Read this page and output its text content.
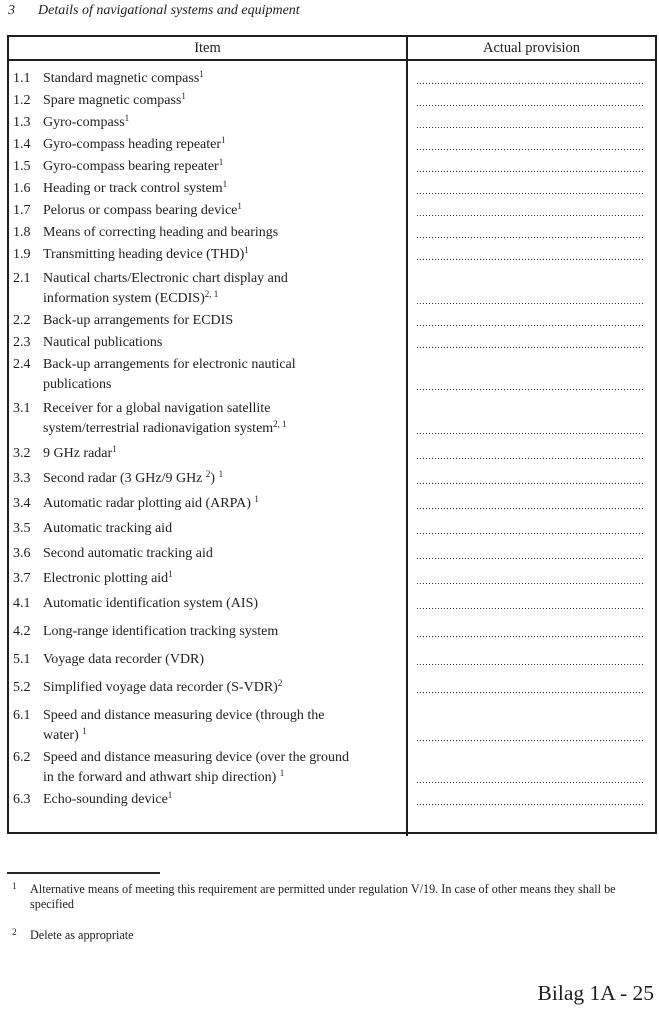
3	Details of navigational systems and equipment
Item	Actual provision
1.1 Standard magnetic compass$^1$
1.2 Spare magnetic compass$^1$
1.3 Gyro-compass$^1$
1.4 Gyro-compass heading repeater$^1$
1.5 Gyro-compass bearing repeater$^1$
1.6 Heading or track control system$^1$
1.7 Pelorus or compass bearing device$^1$
1.8 Means of correcting heading and bearings
1.9 Transmitting heading device (THD)$^1$
2.1 Nautical charts/Electronic chart display and
information system (ECDIS)$^{2, 1}$
2.2 Back-up arrangements for ECDIS
2.3 Nautical publications
2.4 Back-up arrangements for electronic nautical
publications
3.1 Receiver for a global navigation satellite
system/terrestrial radionavigation system$^{2, 1}$
3.2 9 GHz radar$^1$
3.3 Second radar (3 GHz/9 GHz $^2$) $^1$
3.4 Automatic radar plotting aid (ARPA) $^1$
3.5 Automatic tracking aid
3.6 Second automatic tracking aid
3.7 Electronic plotting aid$^1$
4.1 Automatic identification system (AIS)
4.2 Long-range identification tracking system
5.1 Voyage data recorder (VDR)
5.2 Simplified voyage data recorder $(S-VDR)^2$
6.1 Speed and distance measuring device (through the
water) $^1$
6.2 Speed and distance measuring device (over the ground
in the forward and athwart ship direction) $^1$
6.3 Echo-sounding device$^1$
1 Alternative means of meeting this requirement are permitted under regulation V/19. In case of other means they shall be specified
2 Delete as appropriate
Bilag 1A - 25
